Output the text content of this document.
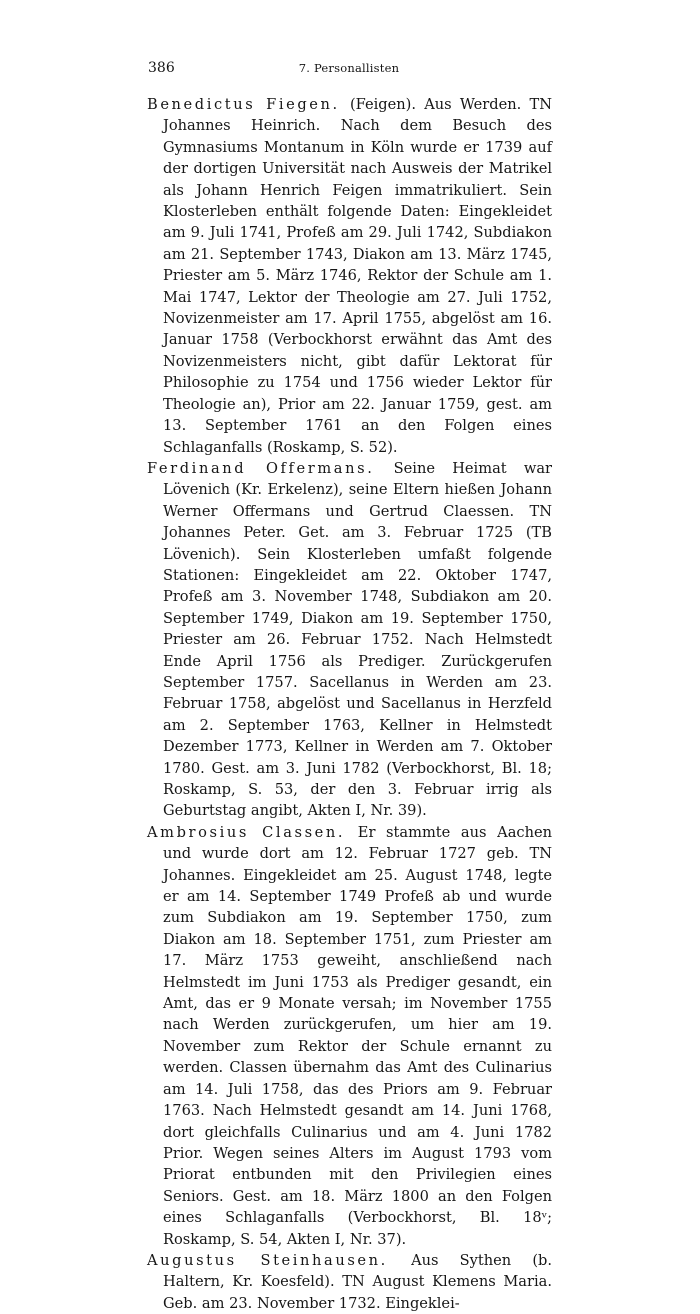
386	7. Personallisten

Benedictus Fiegen. (Feigen). Aus Werden. TN Johannes Heinrich. Nach dem Besuch des Gymnasiums Montanum in Köln wurde er 1739 auf der dortigen Universität nach Ausweis der Matrikel als Johann Henrich Feigen immatrikuliert. Sein Klosterleben enthält folgende Daten: Eingekleidet am 9. Juli 1741, Profeß am 29. Juli 1742, Subdiakon am 21. September 1743, Diakon am 13. März 1745, Priester am 5. März 1746, Rektor der Schule am 1. Mai 1747, Lektor der Theologie am 27. Juli 1752, Novizenmeister am 17. April 1755, abgelöst am 16. Januar 1758 (Verbockhorst erwähnt das Amt des Novizenmeisters nicht, gibt dafür Lektorat für Philosophie zu 1754 und 1756 wieder Lektor für Theologie an), Prior am 22. Januar 1759, gest. am 13. September 1761 an den Folgen eines Schlaganfalls (Roskamp, S. 52).

Ferdinand Offermans. Seine Heimat war Lövenich (Kr. Erkelenz), seine Eltern hießen Johann Werner Offermans und Gertrud Claessen. TN Johannes Peter. Get. am 3. Februar 1725 (TB Lövenich). Sein Klosterleben umfaßt folgende Stationen: Eingekleidet am 22. Oktober 1747, Profeß am 3. November 1748, Subdiakon am 20. September 1749, Diakon am 19. September 1750, Priester am 26. Februar 1752. Nach Helmstedt Ende April 1756 als Prediger. Zurückgerufen September 1757. Sacellanus in Werden am 23. Februar 1758, abgelöst und Sacellanus in Herzfeld am 2. September 1763, Kellner in Helmstedt Dezember 1773, Kellner in Werden am 7. Oktober 1780. Gest. am 3. Juni 1782 (Verbockhorst, Bl. 18; Roskamp, S. 53, der den 3. Februar irrig als Geburtstag angibt, Akten I, Nr. 39).

Ambrosius Classen. Er stammte aus Aachen und wurde dort am 12. Februar 1727 geb. TN Johannes. Eingekleidet am 25. August 1748, legte er am 14. September 1749 Profeß ab und wurde zum Subdiakon am 19. September 1750, zum Diakon am 18. September 1751, zum Priester am 17. März 1753 geweiht, anschließend nach Helmstedt im Juni 1753 als Prediger gesandt, ein Amt, das er 9 Monate versah; im November 1755 nach Werden zurückgerufen, um hier am 19. November zum Rektor der Schule ernannt zu werden. Classen übernahm das Amt des Culinarius am 14. Juli 1758, das des Priors am 9. Februar 1763. Nach Helmstedt gesandt am 14. Juni 1768, dort gleichfalls Culinarius und am 4. Juni 1782 Prior. Wegen seines Alters im August 1793 vom Priorat entbunden mit den Privilegien eines Seniors. Gest. am 18. März 1800 an den Folgen eines Schlaganfalls (Verbockhorst, Bl. 18ᵛ; Roskamp, S. 54, Akten I, Nr. 37).

Augustus Steinhausen. Aus Sythen (b. Haltern, Kr. Koesfeld). TN August Klemens Maria. Geb. am 23. November 1732. Eingeklei-
